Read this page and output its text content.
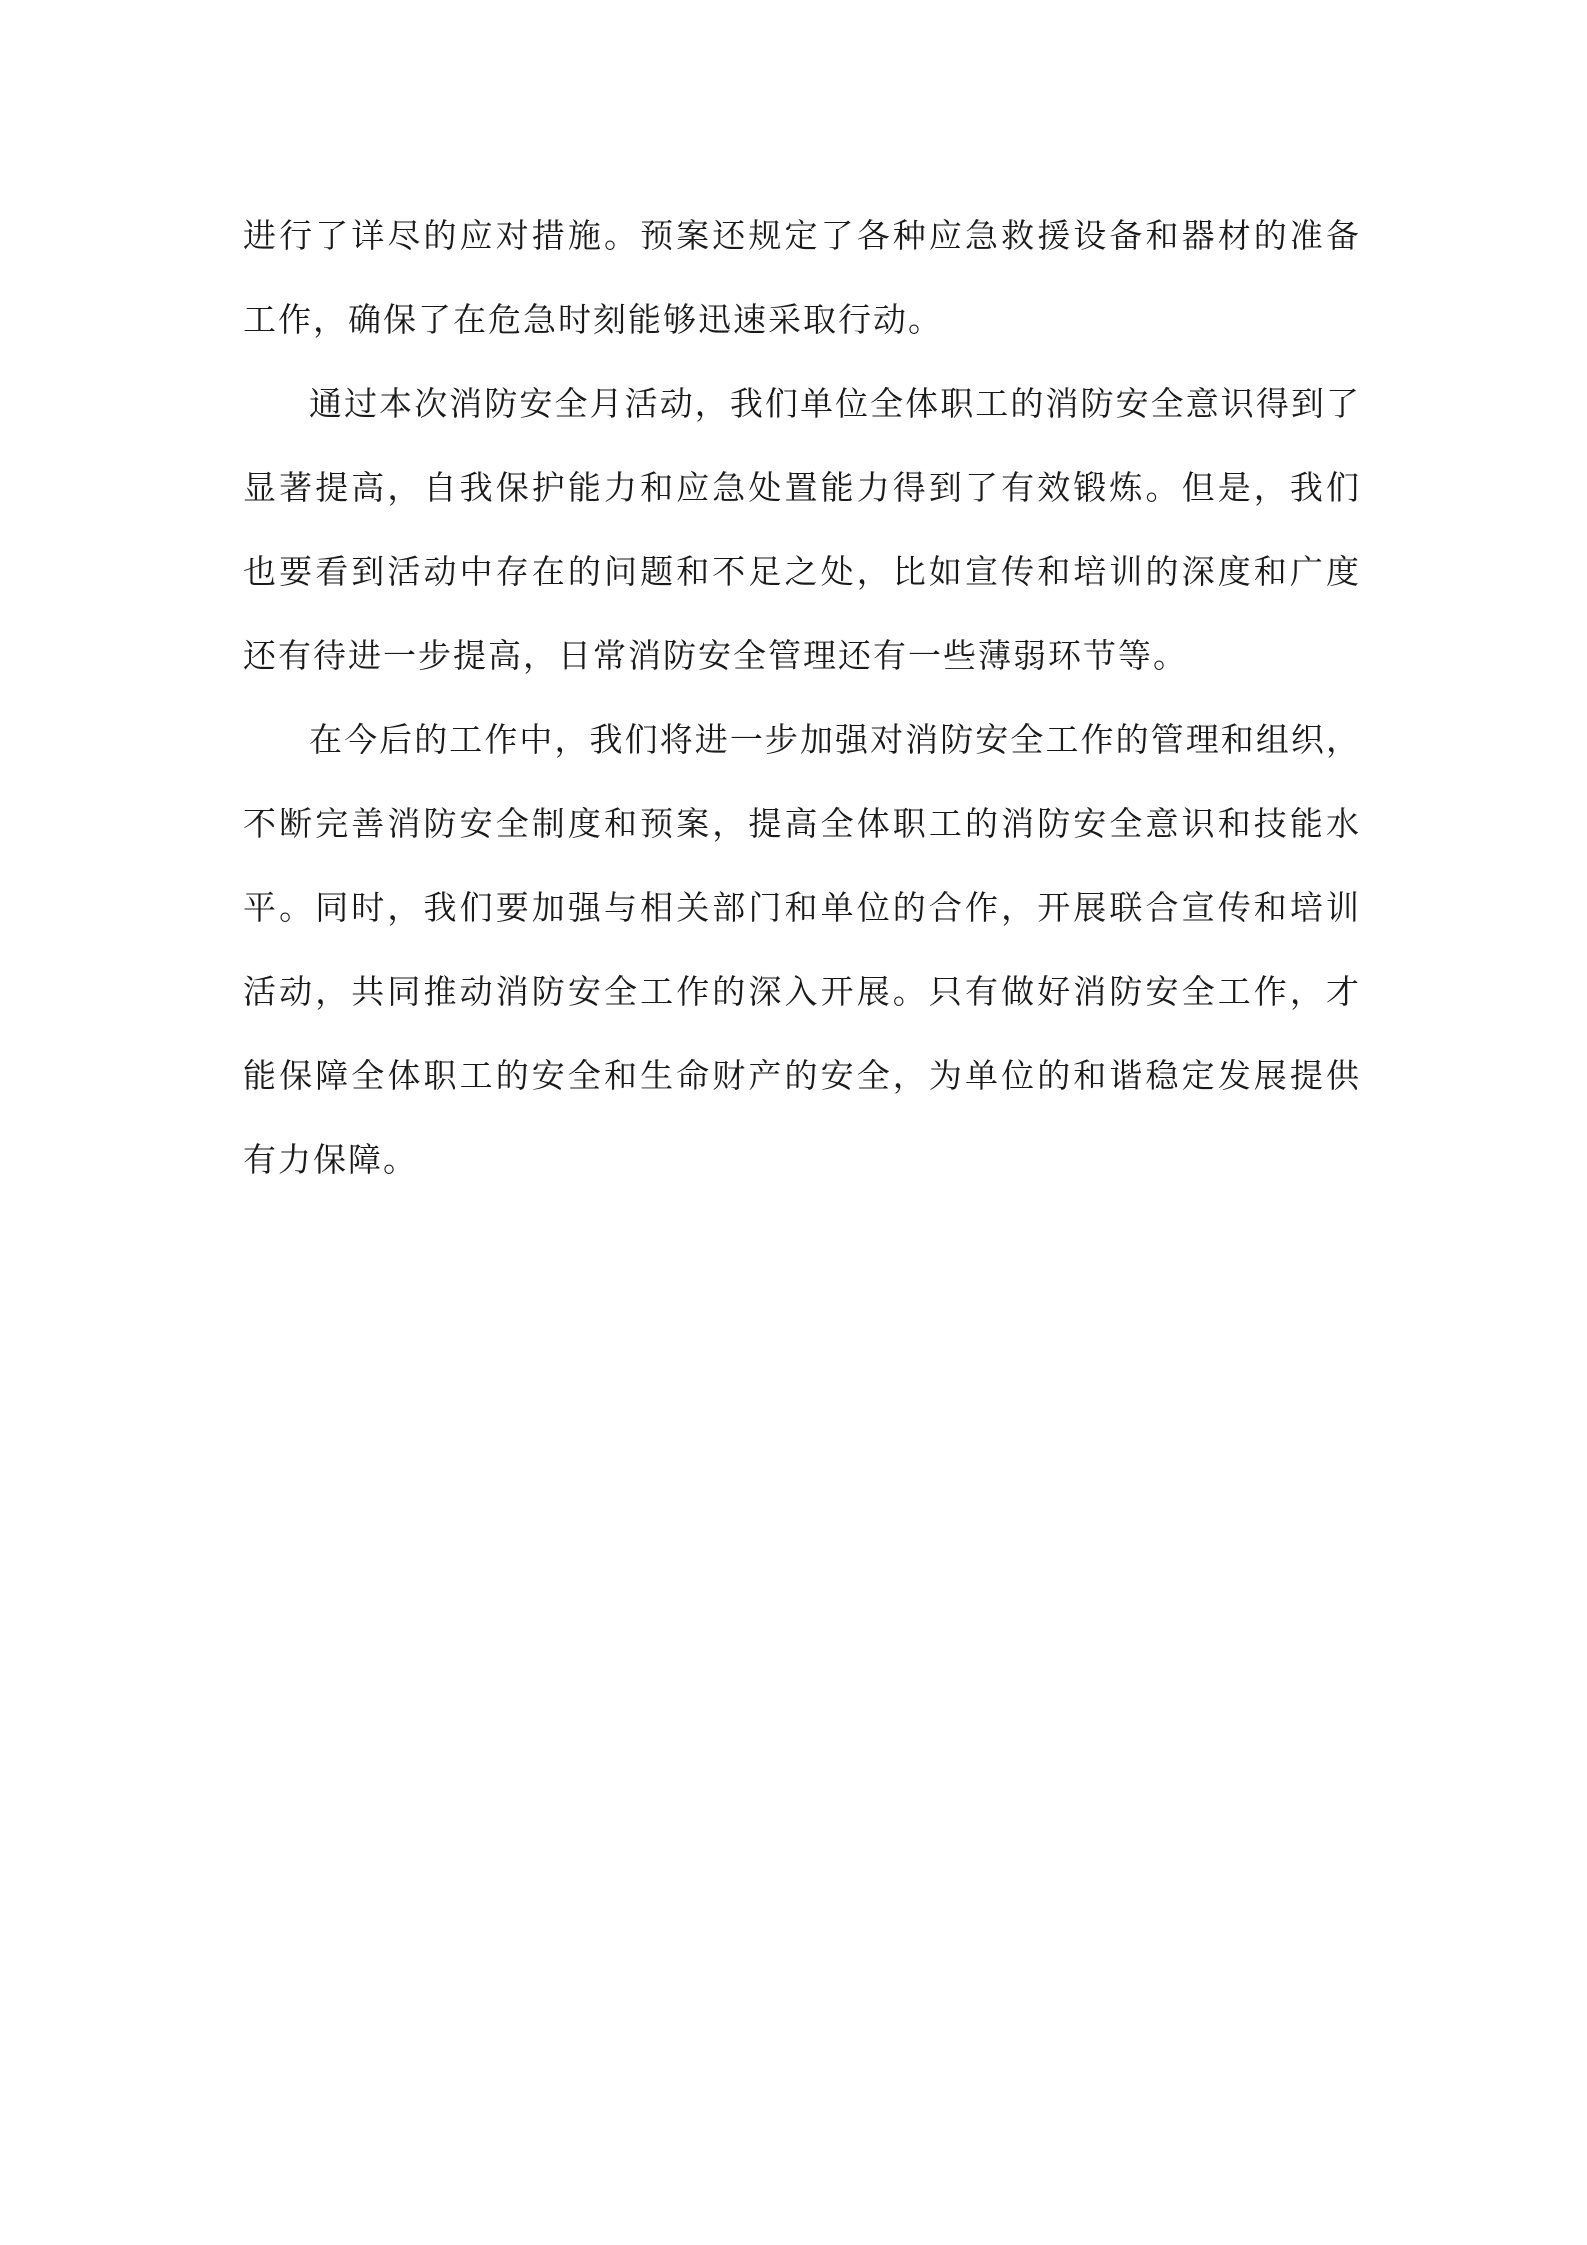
进行了详尽的应对措施。预案还规定了各种应急救援设备和器材的准备工作，确保了在危急时刻能够迅速采取行动。

通过本次消防安全月活动，我们单位全体职工的消防安全意识得到了显著提高，自我保护能力和应急处置能力得到了有效锻炼。但是，我们也要看到活动中存在的问题和不足之处，比如宣传和培训的深度和广度还有待进一步提高，日常消防安全管理还有一些薄弱环节等。

在今后的工作中，我们将进一步加强对消防安全工作的管理和组织，不断完善消防安全制度和预案，提高全体职工的消防安全意识和技能水平。同时，我们要加强与相关部门和单位的合作，开展联合宣传和培训活动，共同推动消防安全工作的深入开展。只有做好消防安全工作，才能保障全体职工的安全和生命财产的安全，为单位的和谐稳定发展提供有力保障。
